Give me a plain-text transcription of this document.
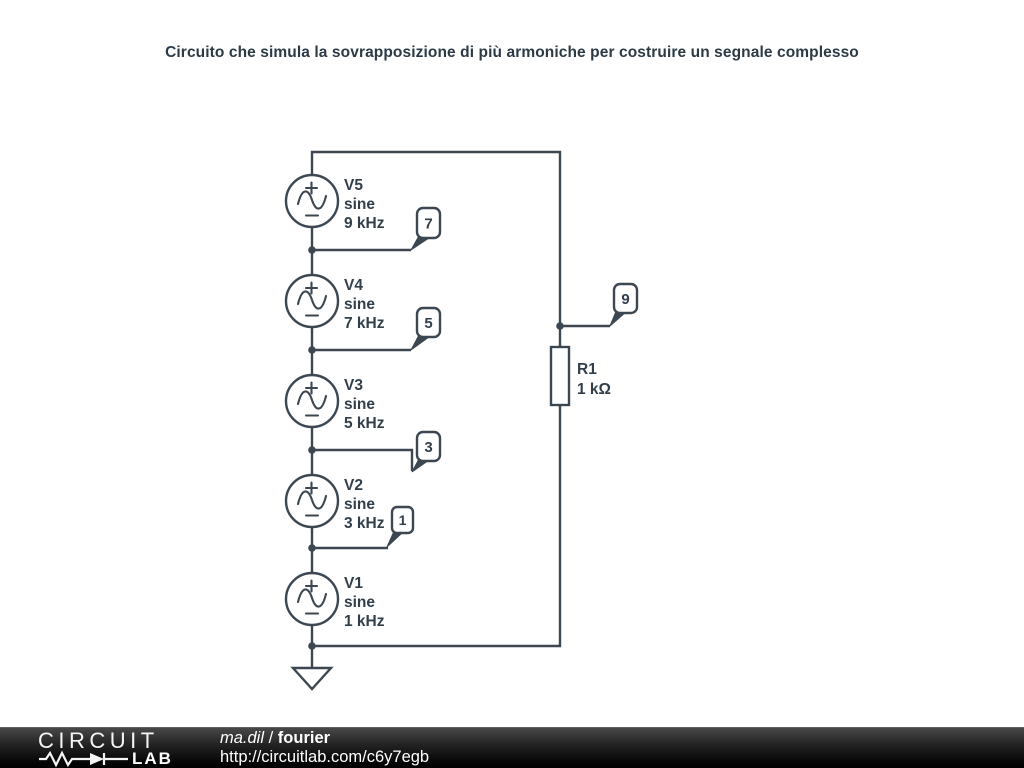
Circuito che simula la sovrapposizione di più armoniche per costruire un segnale complesso
V5
sine
9 kHz
V4
sine
7 kHz
V3
sine
5 kHz
V2
sine
3 kHz
V1
sine
1 kHz
R1
1 kΩ
7
5
3
1
9
CIRCUIT
LAB
ma.dil / fourier
http://circuitlab.com/c6y7egb
